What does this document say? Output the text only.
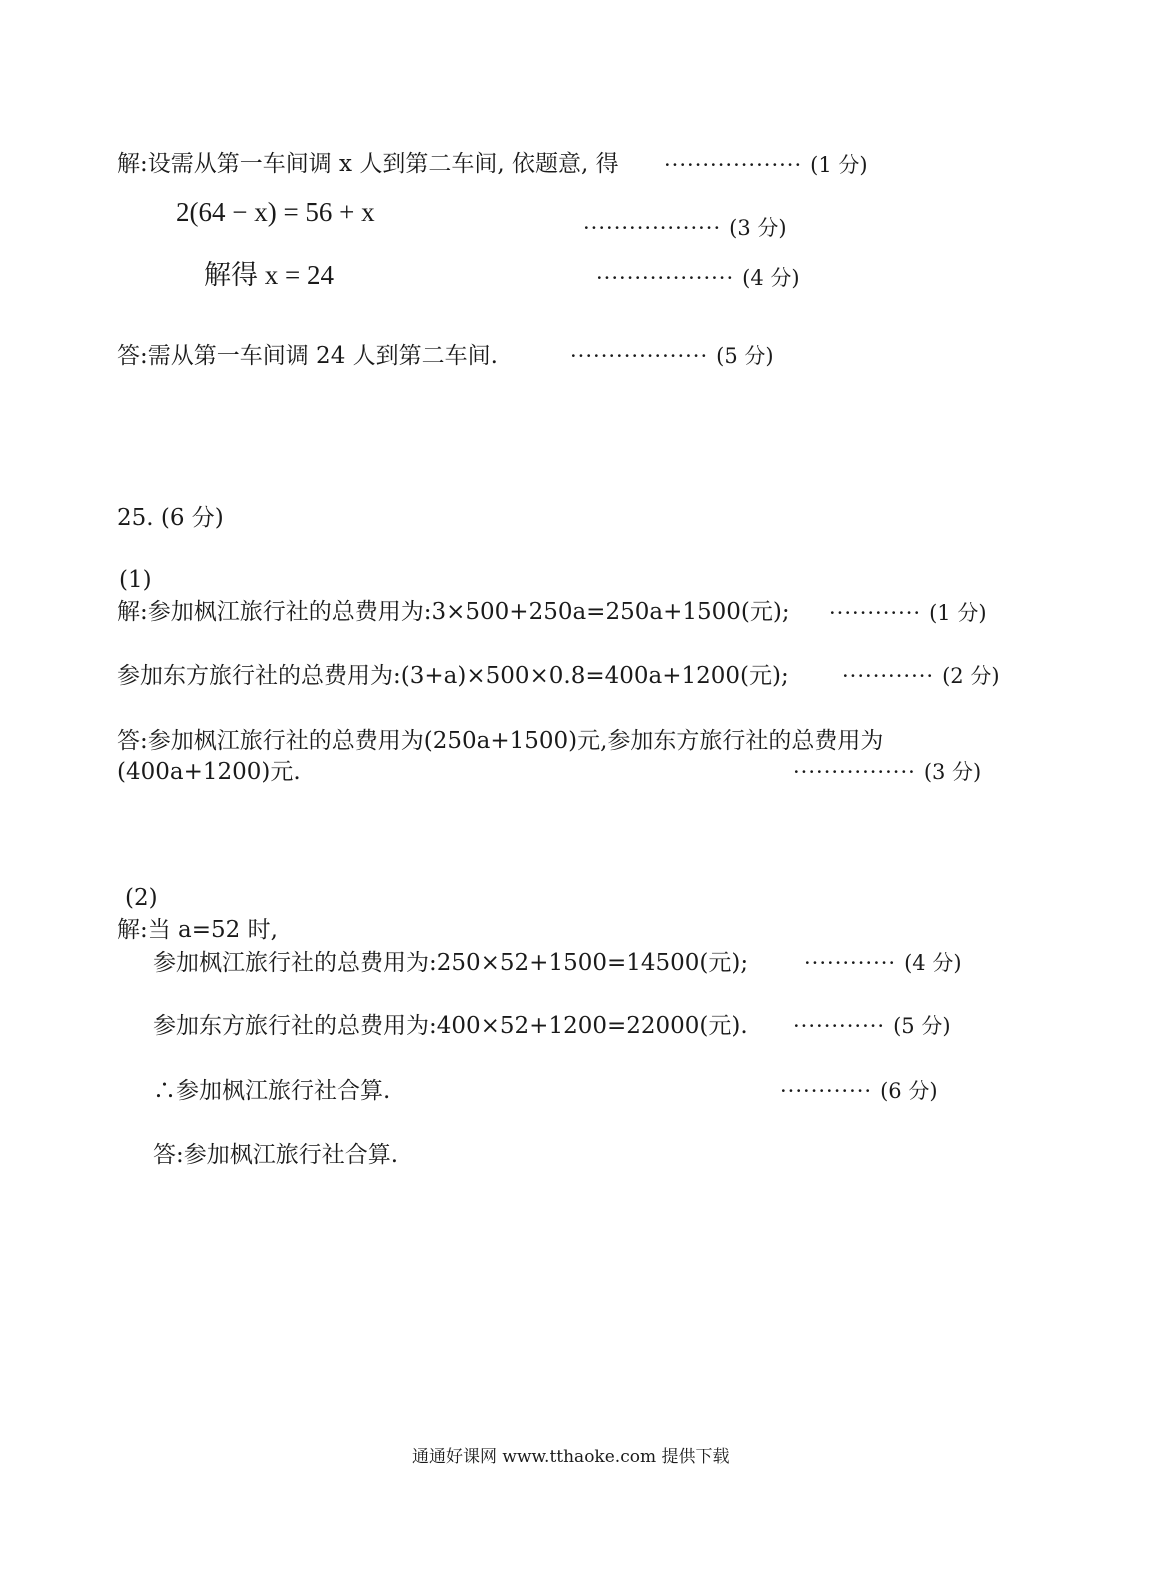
解:设需从第一车间调 x 人到第二车间, 依题意, 得 ·················· (1 分)
2(64 − x) = 56 + x
·················· (3 分)
解得 x = 24	·················· (4 分)
答:需从第一车间调 24 人到第二车间.	·················· (5 分)
25. (6 分)
(1)
解:参加枫江旅行社的总费用为:3×500+250a=250a+1500(元); ············ (1 分)
参加东方旅行社的总费用为:(3+a)×500×0.8=400a+1200(元);	············ (2 分)
答:参加枫江旅行社的总费用为(250a+1500)元,参加东方旅行社的总费用为
(400a+1200)元.	················ (3 分)
(2)
解:当 a=52 时,
参加枫江旅行社的总费用为:250×52+1500=14500(元);	············ (4 分)
参加东方旅行社的总费用为:400×52+1200=22000(元). ············ (5 分)
∴参加枫江旅行社合算.	············ (6 分)
答:参加枫江旅行社合算.
通通好课网 www.tthaoke.com 提供下载
